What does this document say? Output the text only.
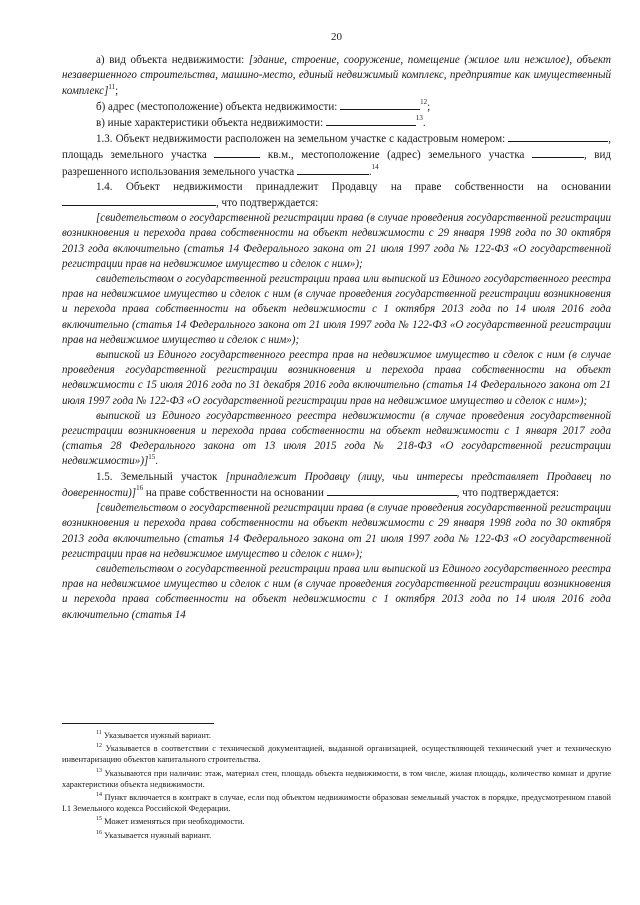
20

а) вид объекта недвижимости: [здание, строение, сооружение, помещение (жилое или нежилое), объект незавершенного строительства, машино-место, единый недвижимый комплекс, предприятие как имущественный комплекс]$^{11}$;

б) адрес (местоположение) объекта недвижимости:	$^{12}$;

в) иные характеристики объекта недвижимости:	$^{13}$.

1.3. Объект недвижимости расположен на земельном участке с кадастровым номером:	, площадь земельного участка	кв.м., местоположение (адрес) земельного участка	, вид разрешенного использования земельного участка	.$^{14}$

1.4. Объект недвижимости принадлежит Продавцу на праве собственности на основании , что подтверждается:

[свидетельством о государственной регистрации права (в случае проведения государственной регистрации возникновения и перехода права собственности на объект недвижимости с 29 января 1998 года по 30 октября 2013 года включительно (статья 14 Федерального закона от 21 июля 1997 года № 122-ФЗ «О государственной регистрации прав на недвижимое имущество и сделок с ним»);

свидетельством о государственной регистрации права или выпиской из Единого государственного реестра прав на недвижимое имущество и сделок с ним (в случае проведения государственной регистрации возникновения и перехода права собственности на объект недвижимости с 1 октября 2013 года по 14 июля 2016 года включительно (статья 14 Федерального закона от 21 июля 1997 года № 122-ФЗ «О государственной регистрации прав на недвижимое имущество и сделок с ним»);

выпиской из Единого государственного реестра прав на недвижимое имущество и сделок с ним (в случае проведения государственной регистрации возникновения и перехода права собственности на объект недвижимости с 15 июля 2016 года по 31 декабря 2016 года включительно (статья 14 Федерального закона от 21 июля 1997 года № 122-ФЗ «О государственной регистрации прав на недвижимое имущество и сделок с ним»);

выпиской из Единого государственного реестра недвижимости (в случае проведения государственной регистрации возникновения и перехода права собственности на объект недвижимости с 1 января 2017 года (статья 28 Федерального закона от 13 июля 2015 года № 218-ФЗ «О государственной регистрации недвижимости»)]$^{15}$.

1.5. Земельный участок [принадлежит Продавцу (лицу, чьи интересы представляет Продавец по доверенности)]$^{16}$ на праве собственности на основании	, что подтверждается:

[свидетельством о государственной регистрации права (в случае проведения государственной регистрации возникновения и перехода права собственности на объект недвижимости с 29 января 1998 года по 30 октября 2013 года включительно (статья 14 Федерального закона от 21 июля 1997 года № 122-ФЗ «О государственной регистрации прав на недвижимое имущество и сделок с ним»);

свидетельством о государственной регистрации права или выпиской из Единого государственного реестра прав на недвижимое имущество и сделок с ним (в случае проведения государственной регистрации возникновения и перехода права собственности на объект недвижимости с 1 октября 2013 года по 14 июля 2016 года включительно (статья 14

$^{11}$ Указывается нужный вариант.

$^{12}$ Указывается в соответствии с технической документацией, выданной организацией, осуществляющей технический учет и техническую инвентаризацию объектов капитального строительства.

$^{13}$ Указываются при наличии: этаж, материал стен, площадь объекта недвижимости, в том числе, жилая площадь, количество комнат и другие характеристики объекта недвижимости.

$^{14}$ Пункт включается в контракт в случае, если под объектом недвижимости образован земельный участок в порядке, предусмотренном главой I.1 Земельного кодекса Российской Федерации.

$^{15}$ Может изменяться при необходимости.

$^{16}$ Указывается нужный вариант.
